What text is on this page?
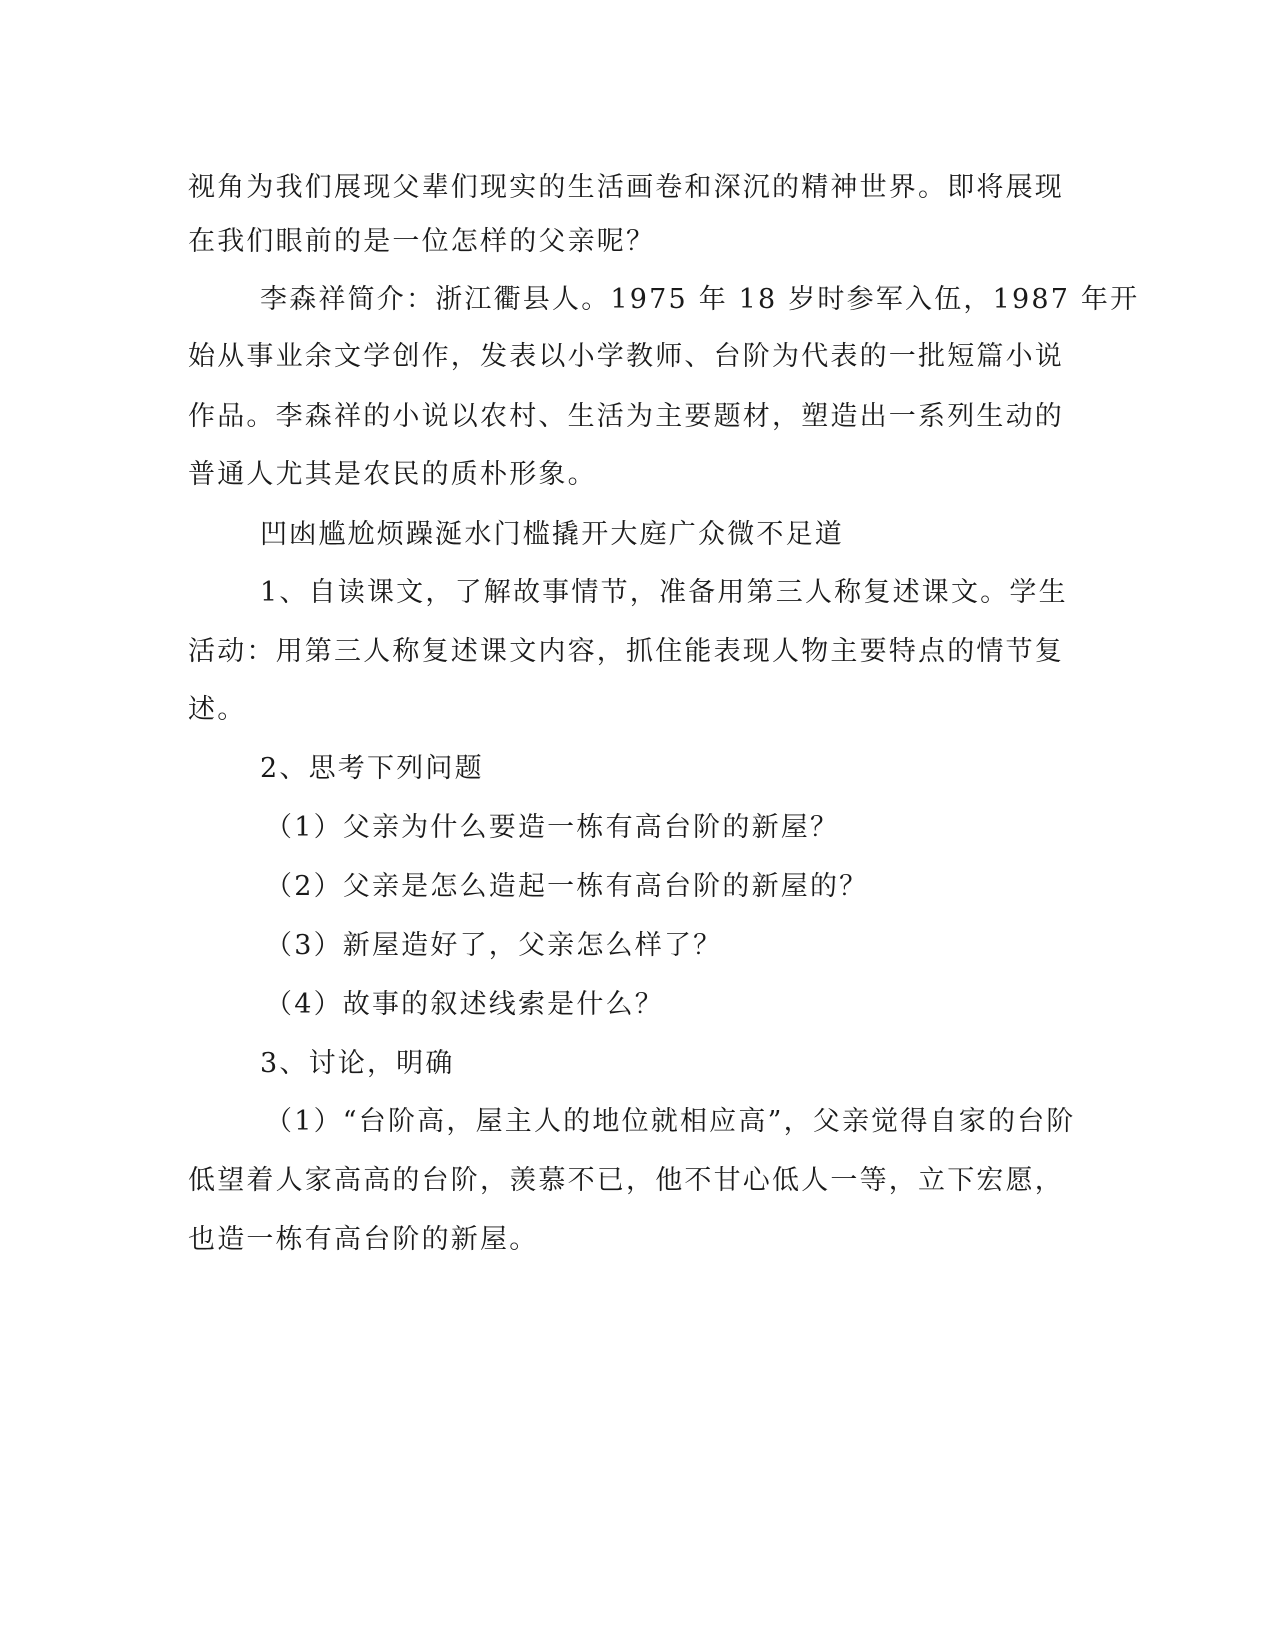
视角为我们展现父辈们现实的生活画卷和深沉的精神世界。即将展现
在我们眼前的是一位怎样的父亲呢？
李森祥简介：浙江衢县人。1975 年 18 岁时参军入伍，1987 年开
始从事业余文学创作，发表以小学教师、台阶为代表的一批短篇小说
作品。李森祥的小说以农村、生活为主要题材，塑造出一系列生动的
普通人尤其是农民的质朴形象。
凹凼尴尬烦躁涎水门槛撬开大庭广众微不足道
1、自读课文，了解故事情节，准备用第三人称复述课文。学生
活动：用第三人称复述课文内容，抓住能表现人物主要特点的情节复
述。
2、思考下列问题
（1）父亲为什么要造一栋有高台阶的新屋？
（2）父亲是怎么造起一栋有高台阶的新屋的？
（3）新屋造好了，父亲怎么样了？
（4）故事的叙述线索是什么？
3、讨论，明确
（1）“台阶高，屋主人的地位就相应高”，父亲觉得自家的台阶
低望着人家高高的台阶，羡慕不已，他不甘心低人一等，立下宏愿，
也造一栋有高台阶的新屋。
